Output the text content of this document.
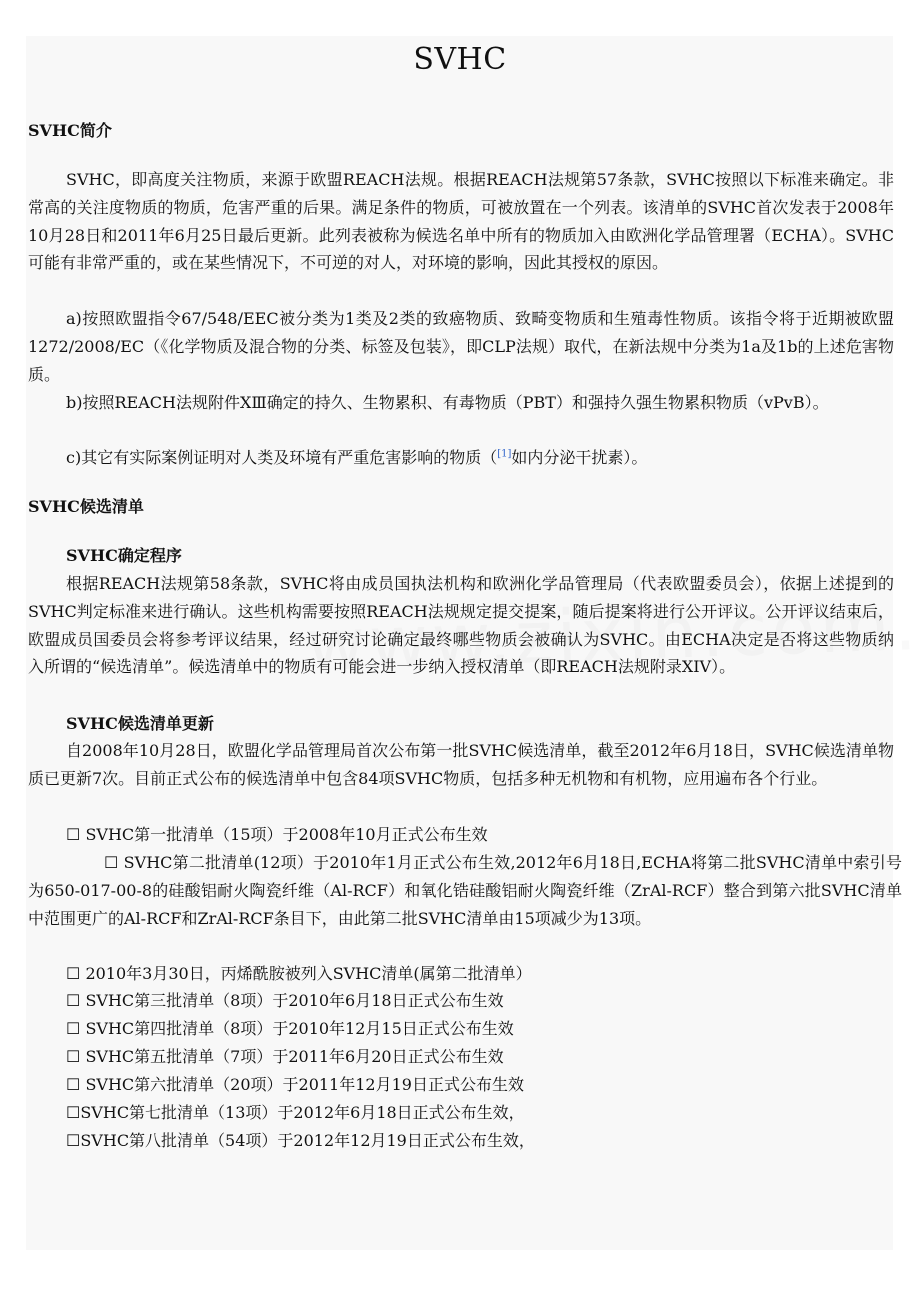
SVHC
SVHC简介

SVHC，即高度关注物质，来源于欧盟REACH法规。根据REACH法规第57条款，SVHC按照以下标准来确定。非常高的关注度物质的物质，危害严重的后果。满足条件的物质，可被放置在一个列表。该清单的SVHC首次发表于2008年10月28日和2011年6月25日最后更新。此列表被称为候选名单中所有的物质加入由欧洲化学品管理署（ECHA）。SVHC可能有非常严重的，或在某些情况下，不可逆的对人，对环境的影响，因此其授权的原因。

a)按照欧盟指令67/548/EEC被分类为1类及2类的致癌物质、致畸变物质和生殖毒性物质。该指令将于近期被欧盟1272/2008/EC（《化学物质及混合物的分类、标签及包装》，即CLP法规）取代，在新法规中分类为1a及1b的上述危害物质。

b)按照REACH法规附件XⅢ确定的持久、生物累积、有毒物质（PBT）和强持久强生物累积物质（vPvB）。

c)其它有实际案例证明对人类及环境有严重危害影响的物质（[1]如内分泌干扰素）。

SVHC候选清单
SVHC确定程序

根据REACH法规第58条款，SVHC将由成员国执法机构和欧洲化学品管理局（代表欧盟委员会），依据上述提到的SVHC判定标准来进行确认。这些机构需要按照REACH法规规定提交提案，随后提案将进行公开评议。公开评议结束后，欧盟成员国委员会将参考评议结果，经过研究讨论确定最终哪些物质会被确认为SVHC。由ECHA决定是否将这些物质纳入所谓的“候选清单”。候选清单中的物质有可能会进一步纳入授权清单（即REACH法规附录XIV）。

SVHC候选清单更新

自2008年10月28日，欧盟化学品管理局首次公布第一批SVHC候选清单，截至2012年6月18日，SVHC候选清单物质已更新7次。目前正式公布的候选清单中包含84项SVHC物质，包括多种无机物和有机物，应用遍布各个行业。

☐ SVHC第一批清单（15项）于2008年10月正式公布生效
☐ SVHC第二批清单(12项）于2010年1月正式公布生效,2012年6月18日,ECHA将第二批SVHC清单中索引号为650-017-00-8的硅酸铝耐火陶瓷纤维（Al-RCF）和氧化锆硅酸铝耐火陶瓷纤维（ZrAl-RCF）整合到第六批SVHC清单中范围更广的Al-RCF和ZrAl-RCF条目下，由此第二批SVHC清单由15项减少为13项。
☐ 2010年3月30日，丙烯酰胺被列入SVHC清单(属第二批清单）
☐ SVHC第三批清单（8项）于2010年6月18日正式公布生效
☐ SVHC第四批清单（8项）于2010年12月15日正式公布生效
☐ SVHC第五批清单（7项）于2011年6月20日正式公布生效
☐ SVHC第六批清单（20项）于2011年12月19日正式公布生效
☐SVHC第七批清单（13项）于2012年6月18日正式公布生效，
☐SVHC第八批清单（54项）于2012年12月19日正式公布生效，
